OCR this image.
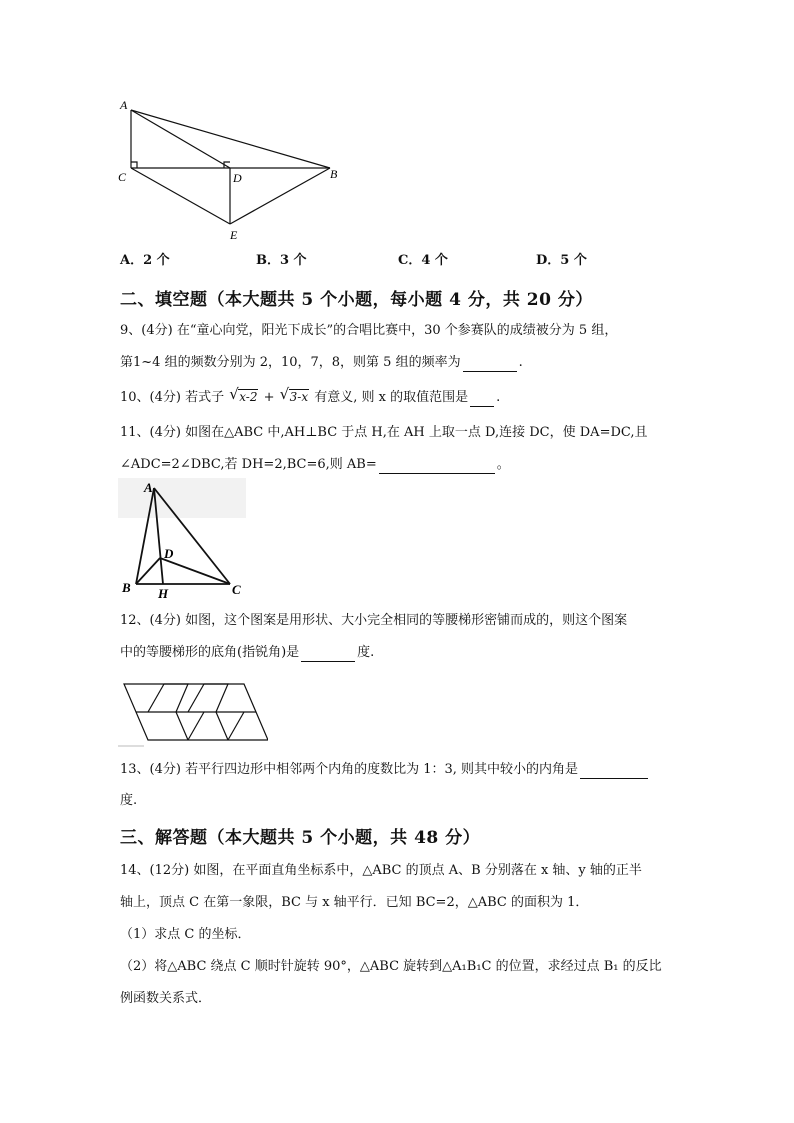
A
C	D	B
E
A．2 个	B．3 个	C．4 个	D．5 个
二、填空题（本大题共 5 个小题，每小题 4 分，共 20 分）
9、(4分) 在“童心向党，阳光下成长”的合唱比赛中，30 个参赛队的成绩被分为 5 组，
第1~4 组的频数分别为 2，10，7，8，则第 5 组的频率为	.
10、(4分) 若式子 √ x-2 + √ 3-x 有意义, 则 x 的取值范围是 .
11、(4分) 如图在△ABC 中,AH⊥BC 于点 H,在 AH 上取一点 D,连接 DC，使 DA=DC,且
∠ADC=2∠DBC,若 DH=2,BC=6,则 AB=	。
A
D
B H	C
12、(4分) 如图，这个图案是用形状、大小完全相同的等腰梯形密铺而成的，则这个图案
中的等腰梯形的底角(指锐角)是	度.
13、(4分) 若平行四边形中相邻两个内角的度数比为 1：3, 则其中较小的内角是
度.
三、解答题（本大题共 5 个小题，共 48 分）
14、(12分) 如图，在平面直角坐标系中，△ABC 的顶点 A、B 分别落在 x 轴、y 轴的正半
轴上，顶点 C 在第一象限，BC 与 x 轴平行．已知 BC=2，△ABC 的面积为 1．
（1）求点 C 的坐标．
（2）将△ABC 绕点 C 顺时针旋转 90°，△ABC 旋转到△A₁B₁C 的位置，求经过点 B₁ 的反比
例函数关系式．
